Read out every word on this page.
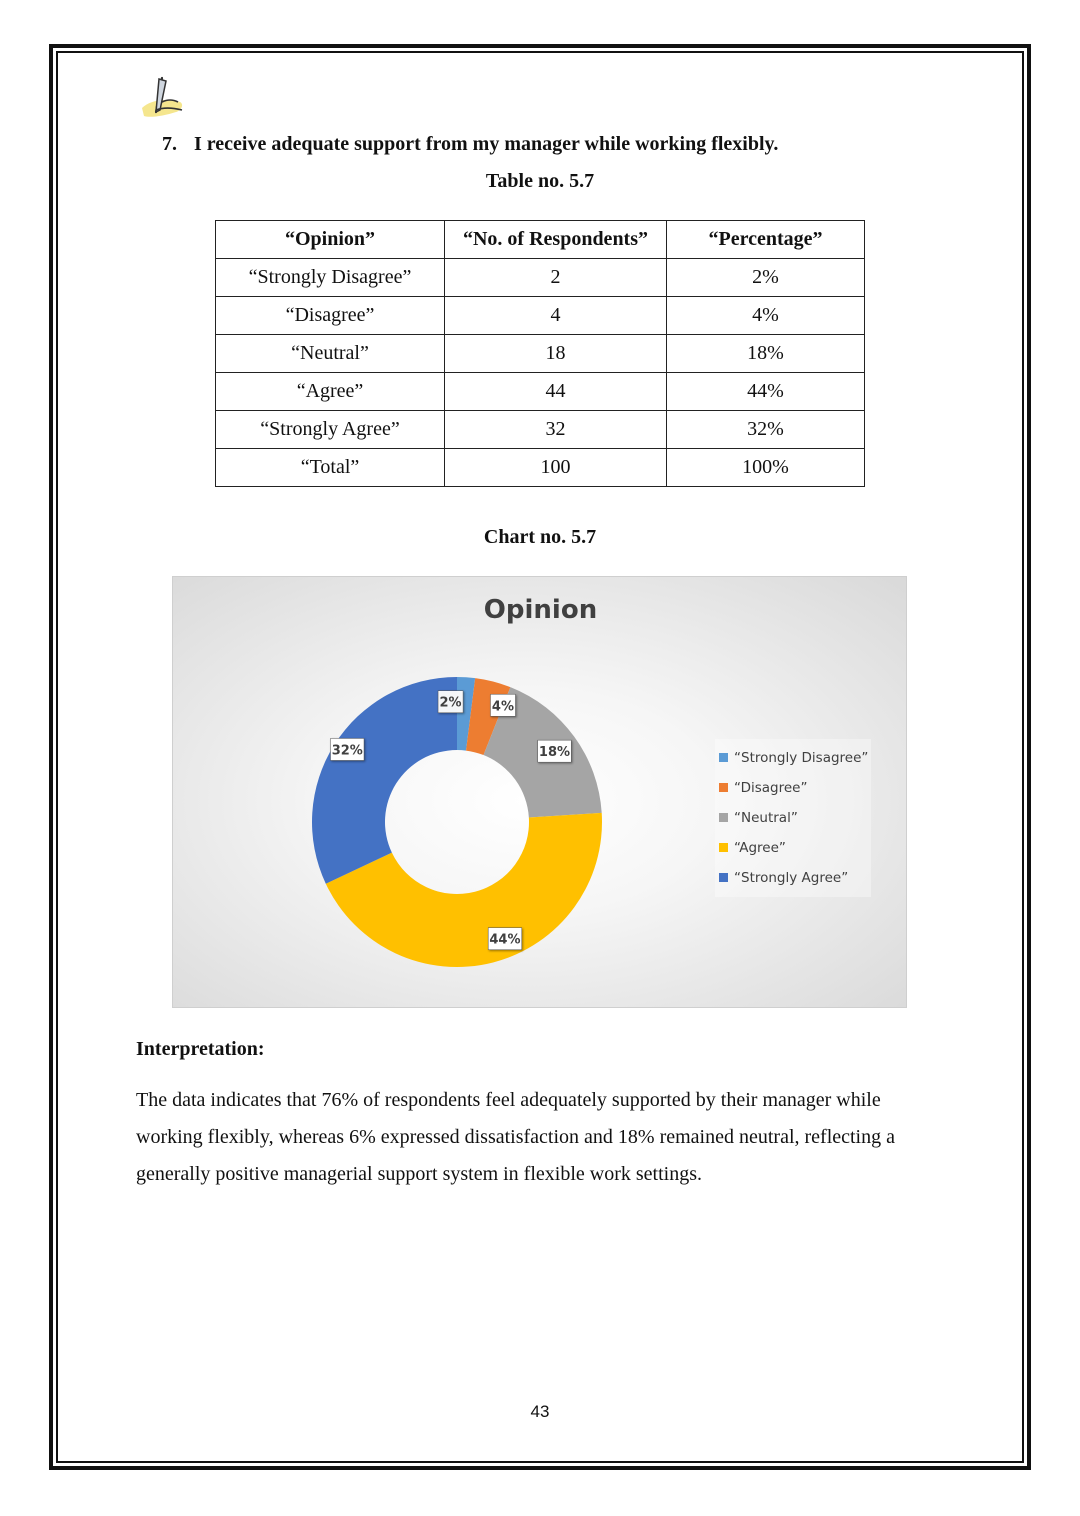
7. I receive adequate support from my manager while working flexibly.
Table no. 5.7
“Opinion”	“No. of Respondents”	“Percentage”
“Strongly Disagree”	2	2%
“Disagree”	4	4%
“Neutral”	18	18%
“Agree”	44	44%
“Strongly Agree”	32	32%
“Total”	100	100%
Chart no. 5.7
Opinion
2% 4%
18%
44%
32%	“Strongly Disagree”
“Disagree”
“Neutral”
“Agree”
“Strongly Agree”
Interpretation:
The data indicates that 76% of respondents feel adequately supported by their manager while working flexibly, whereas 6% expressed dissatisfaction and 18% remained neutral, reflecting a generally positive managerial support system in flexible work settings.
43
